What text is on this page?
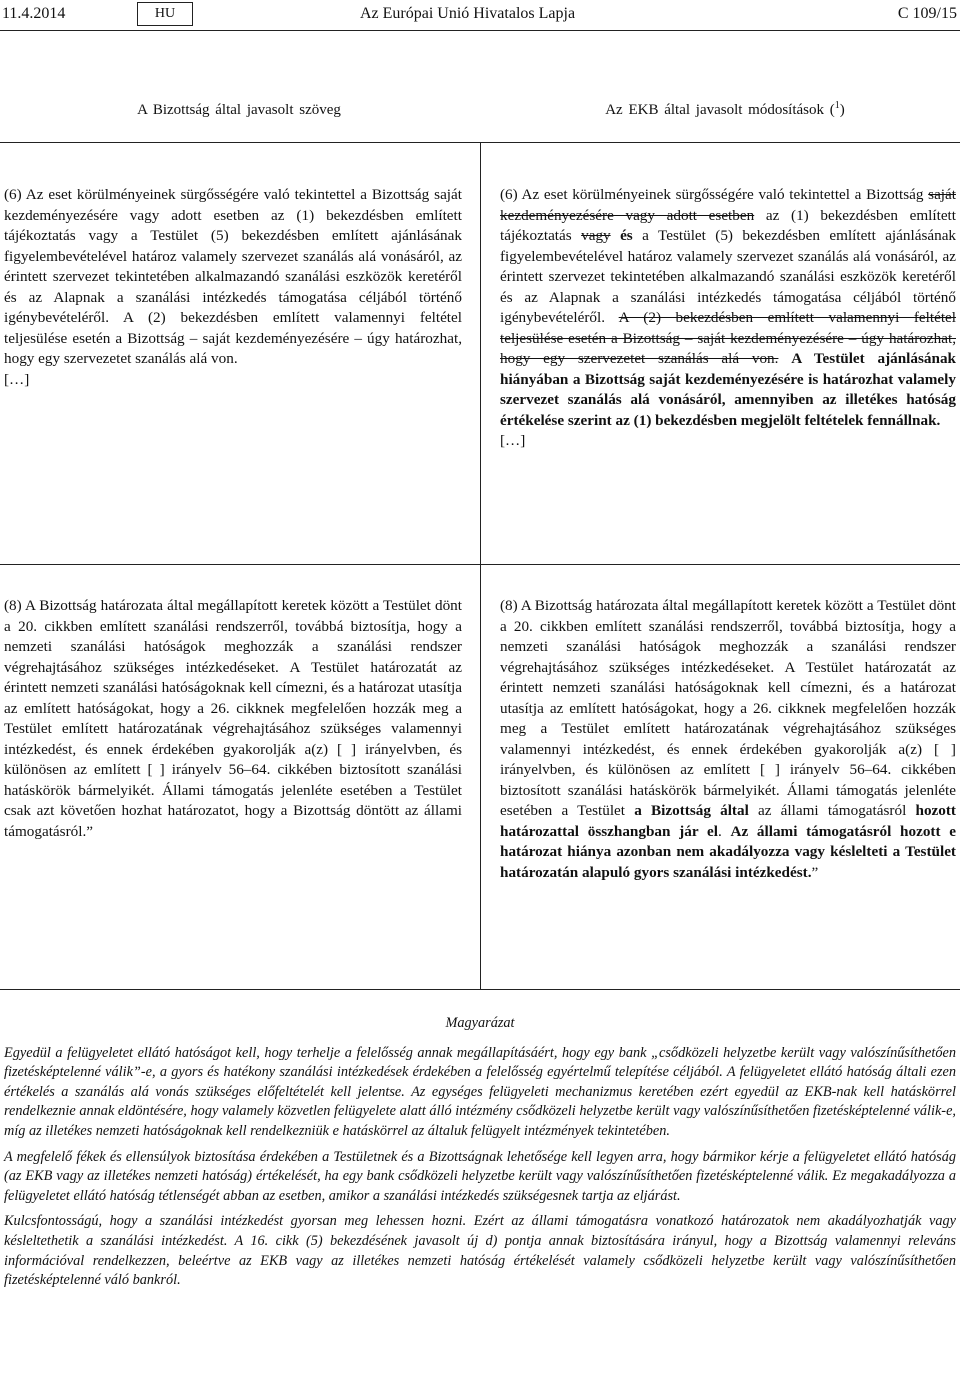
11.4.2014	HU	Az Európai Unió Hivatalos Lapja	C 109/15
A Bizottság által javasolt szöveg	Az EKB által javasolt módosítások ($^1$)

(6) Az eset körülményeinek sürgősségére való tekintettel a Bizottság saját kezdeményezésére vagy adott esetben az (1) bekezdésben említett tájékoztatás vagy a Testület (5) bekezdésben említett ajánlásának figyelembevételével határoz valamely szervezet szanálás alá vonásáról, az érintett szervezet tekintetében alkalmazandó szanálási eszközök keretéről és az Alapnak a szanálási intézkedés támogatása céljából történő igénybevételéről. A (2) bekezdésben említett valamennyi feltétel teljesülése esetén a Bizottság – saját kezdeményezésére – úgy határozhat, hogy egy szervezetet szanálás alá von.

[…]

(6) Az eset körülményeinek sürgősségére való tekintettel a Bizottság saját kezdeményezésére vagy adott esetben az (1) bekezdésben említett tájékoztatás vagy és a Testület (5) bekezdésben említett ajánlásának figyelembevételével határoz valamely szervezet szanálás alá vonásáról, az érintett szervezet tekintetében alkalmazandó szanálási eszközök keretéről és az Alapnak a szanálási intézkedés támogatása céljából történő igénybevételéről. A (2) bekezdésben említett valamennyi feltétel teljesülése esetén a Bizottság – saját kezdeményezésére – úgy határozhat, hogy egy szervezetet szanálás alá von. A Testület ajánlásának hiányában a Bizottság saját kezdeményezésére is határozhat valamely szervezet szanálás alá vonásáról, amennyiben az illetékes hatóság értékelése szerint az (1) bekezdésben megjelölt feltételek fennállnak.

[…]

(8) A Bizottság határozata által megállapított keretek között a Testület dönt a 20. cikkben említett szanálási rendszerről, továbbá biztosítja, hogy a nemzeti szanálási hatóságok meghozzák a szanálási rendszer végrehajtásához szükséges intézkedéseket. A Testület határozatát az érintett nemzeti szanálási hatóságoknak kell címezni, és a határozat utasítja az említett hatóságokat, hogy a 26. cikknek megfelelően hozzák meg a Testület említett határozatának végrehajtásához szükséges valamennyi intézkedést, és ennek érdekében gyakorolják a(z) [ ] irányelvben, és különösen az említett [ ] irányelv 56–64. cikkében biztosított szanálási hatáskörök bármelyikét. Állami támogatás jelenléte esetében a Testület csak azt követően hozhat határozatot, hogy a Bizottság döntött az állami támogatásról.”

(8) A Bizottság határozata által megállapított keretek között a Testület dönt a 20. cikkben említett szanálási rendszerről, továbbá biztosítja, hogy a nemzeti szanálási hatóságok meghozzák a szanálási rendszer végrehajtásához szükséges intézkedéseket. A Testület határozatát az érintett nemzeti szanálási hatóságoknak kell címezni, és a határozat utasítja az említett hatóságokat, hogy a 26. cikknek megfelelően hozzák meg a Testület említett határozatának végrehajtásához szükséges valamennyi intézkedést, és ennek érdekében gyakorolják a(z) [ ] irányelvben, és különösen az említett [ ] irányelv 56–64. cikkében biztosított szanálási hatáskörök bármelyikét. Állami támogatás jelenléte esetében a Testület a Bizottság által az állami támogatásról hozott határozattal összhangban jár el. Az állami támogatásról hozott e határozat hiánya azonban nem akadályozza vagy késlelteti a Testület határozatán alapuló gyors szanálási intézkedést.”

Magyarázat

Egyedül a felügyeletet ellátó hatóságot kell, hogy terhelje a felelősség annak megállapításáért, hogy egy bank „csődközeli helyzetbe került vagy valószínűsíthetően fizetésképtelenné válik”-e, a gyors és hatékony szanálási intézkedések érdekében a felelősség egyértelmű telepítése céljából. A felügyeletet ellátó hatóság általi ezen értékelés a szanálás alá vonás szükséges előfeltételét kell jelentse. Az egységes felügyeleti mechanizmus keretében ezért egyedül az EKB-nak kell hatáskörrel rendelkeznie annak eldöntésére, hogy valamely közvetlen felügyelete alatt álló intézmény csődközeli helyzetbe került vagy valószínűsíthetően fizetésképtelenné válik-e, míg az illetékes nemzeti hatóságoknak kell rendelkezniük e hatáskörrel az általuk felügyelt intézmények tekintetében.

A megfelelő fékek és ellensúlyok biztosítása érdekében a Testületnek és a Bizottságnak lehetősége kell legyen arra, hogy bármikor kérje a felügyeletet ellátó hatóság (az EKB vagy az illetékes nemzeti hatóság) értékelését, ha egy bank csődközeli helyzetbe került vagy valószínűsíthetően fizetésképtelenné válik. Ez megakadályozza a felügyeletet ellátó hatóság tétlenségét abban az esetben, amikor a szanálási intézkedés szükségesnek tartja az eljárást.

Kulcsfontosságú, hogy a szanálási intézkedést gyorsan meg lehessen hozni. Ezért az állami támogatásra vonatkozó határozatok nem akadályozhatják vagy késleltethetik a szanálási intézkedést. A 16. cikk (5) bekezdésének javasolt új d) pontja annak biztosítására irányul, hogy a Bizottság valamennyi releváns információval rendelkezzen, beleértve az EKB vagy az illetékes nemzeti hatóság értékelését valamely csődközeli helyzetbe került vagy valószínűsíthetően fizetésképtelenné váló bankról.
